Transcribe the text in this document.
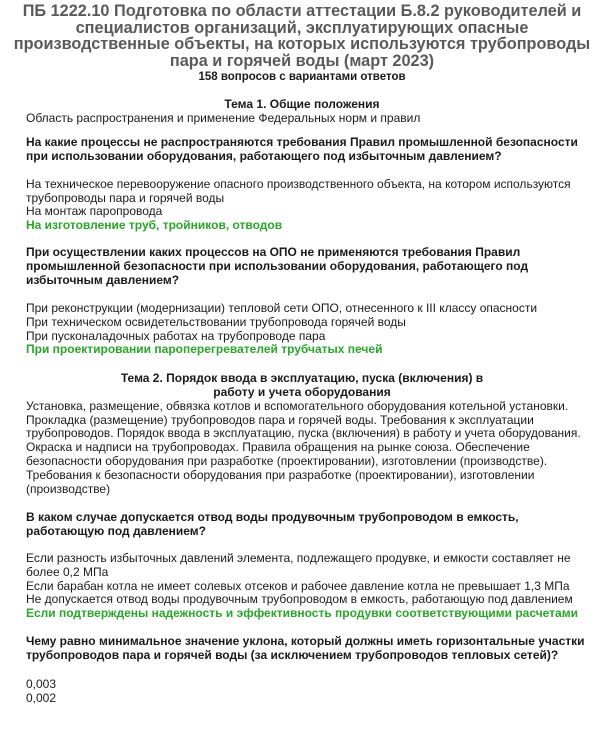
ПБ 1222.10 Подготовка по области аттестации Б.8.2 руководителей и специалистов организаций, эксплуатирующих опасные производственные объекты, на которых используются трубопроводы пара и горячей воды (март 2023)
158 вопросов с вариантами ответов
Тема 1. Общие положения
Область распространения и применение Федеральных норм и правил
На какие процессы не распространяются требования Правил промышленной безопасности при использовании оборудования, работающего под избыточным давлением?
На техническое перевооружение опасного производственного объекта, на котором используются трубопроводы пара и горячей воды
На монтаж паропровода
На изготовление труб, тройников, отводов
При осуществлении каких процессов на ОПО не применяются требования Правил промышленной безопасности при использовании оборудования, работающего под избыточным давлением?
При реконструкции (модернизации) тепловой сети ОПО, отнесенного к III классу опасности
При техническом освидетельствовании трубопровода горячей воды
При пусконаладочных работах на трубопроводе пара
При проектировании пароперегревателей трубчатых печей
Тема 2. Порядок ввода в эксплуатацию, пуска (включения) в работу и учета оборудования
Установка, размещение, обвязка котлов и вспомогательного оборудования котельной установки. Прокладка (размещение) трубопроводов пара и горячей воды. Требования к эксплуатации трубопроводов. Порядок ввода в эксплуатацию, пуска (включения) в работу и учета оборудования. Окраска и надписи на трубопроводах. Правила обращения на рынке союза. Обеспечение безопасности оборудования при разработке (проектировании), изготовлении (производстве). Требования к безопасности оборудования при разработке (проектировании), изготовлении (производстве)
В каком случае допускается отвод воды продувочным трубопроводом в емкость, работающую под давлением?
Если разность избыточных давлений элемента, подлежащего продувке, и емкости составляет не более 0,2 МПа
Если барабан котла не имеет солевых отсеков и рабочее давление котла не превышает 1,3 МПа
Не допускается отвод воды продувочным трубопроводом в емкость, работающую под давлением
Если подтверждены надежность и эффективность продувки соответствующими расчетами
Чему равно минимальное значение уклона, который должны иметь горизонтальные участки трубопроводов пара и горячей воды (за исключением трубопроводов тепловых сетей)?
0,003
0,002
